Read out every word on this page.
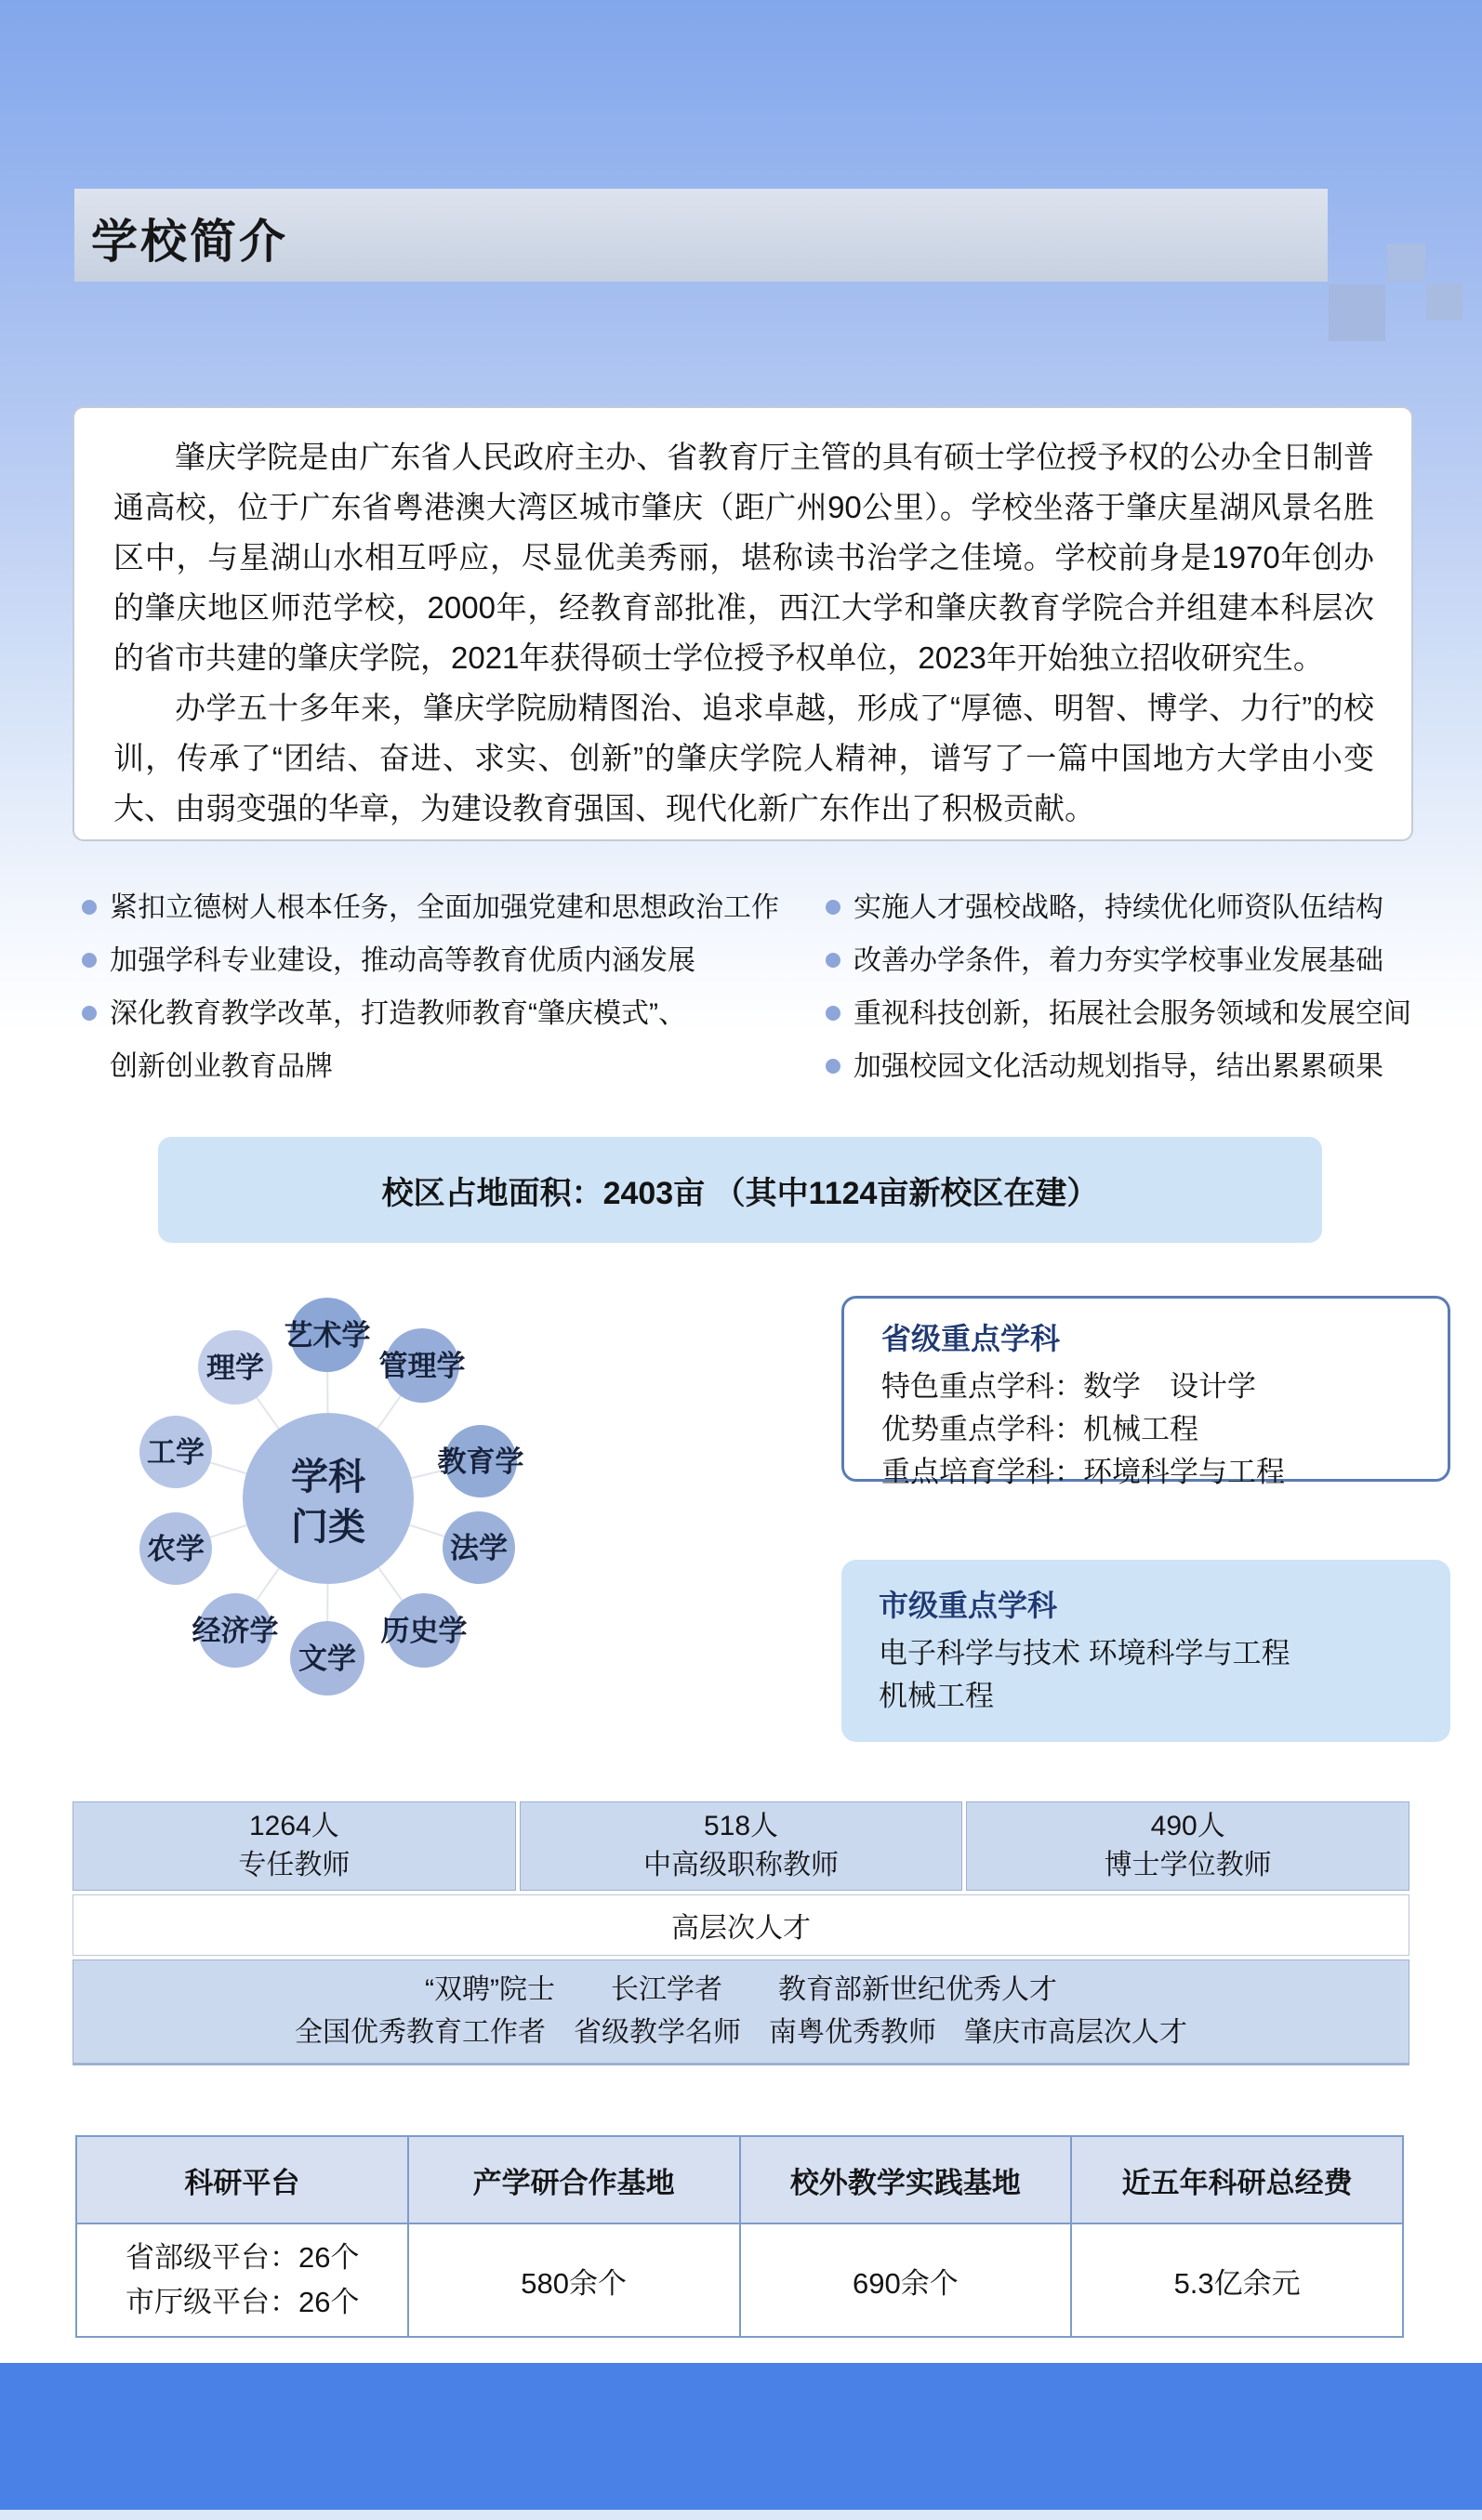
学校简介

肇庆学院是由广东省人民政府主办、省教育厅主管的具有硕士学位授予权的公办全日制普通高校，位于广东省粤港澳大湾区城市肇庆（距广州90公里）。学校坐落于肇庆星湖风景名胜区中，与星湖山水相互呼应，尽显优美秀丽，堪称读书治学之佳境。学校前身是1970年创办的肇庆地区师范学校，2000年，经教育部批准，西江大学和肇庆教育学院合并组建本科层次的省市共建的肇庆学院，2021年获得硕士学位授予权单位，2023年开始独立招收研究生。

办学五十多年来，肇庆学院励精图治、追求卓越，形成了“厚德、明智、博学、力行”的校训，传承了“团结、奋进、求实、创新”的肇庆学院人精神，谱写了一篇中国地方大学由小变大、由弱变强的华章，为建设教育强国、现代化新广东作出了积极贡献。

紧扣立德树人根本任务，全面加强党建和思想政治工作
加强学科专业建设，推动高等教育优质内涵发展
深化教育教学改革，打造教师教育“肇庆模式”、
创新创业教育品牌
实施人才强校战略，持续优化师资队伍结构
改善办学条件，着力夯实学校事业发展基础
重视科技创新，拓展社会服务领域和发展空间
加强校园文化活动规划指导，结出累累硕果
校区占地面积：2403亩 （其中1124亩新校区在建）
艺术学
管理学
教育学
法学
历史学
文学
经济学
农学
工学
理学
学科
门类
省级重点学科
特色重点学科：数学　设计学
优势重点学科：机械工程
重点培育学科：环境科学与工程
市级重点学科
电子科学与技术 环境科学与工程
机械工程
1264人
专任教师
518人
中高级职称教师
490人
博士学位教师
高层次人才
“双聘”院士　　长江学者　　教育部新世纪优秀人才
全国优秀教育工作者　省级教学名师　南粤优秀教师　肇庆市高层次人才
科研平台	产学研合作基地	校外教学实践基地	近五年科研总经费

省部级平台：26个
市厅级平台：26个	580余个	690余个	5.3亿余元
